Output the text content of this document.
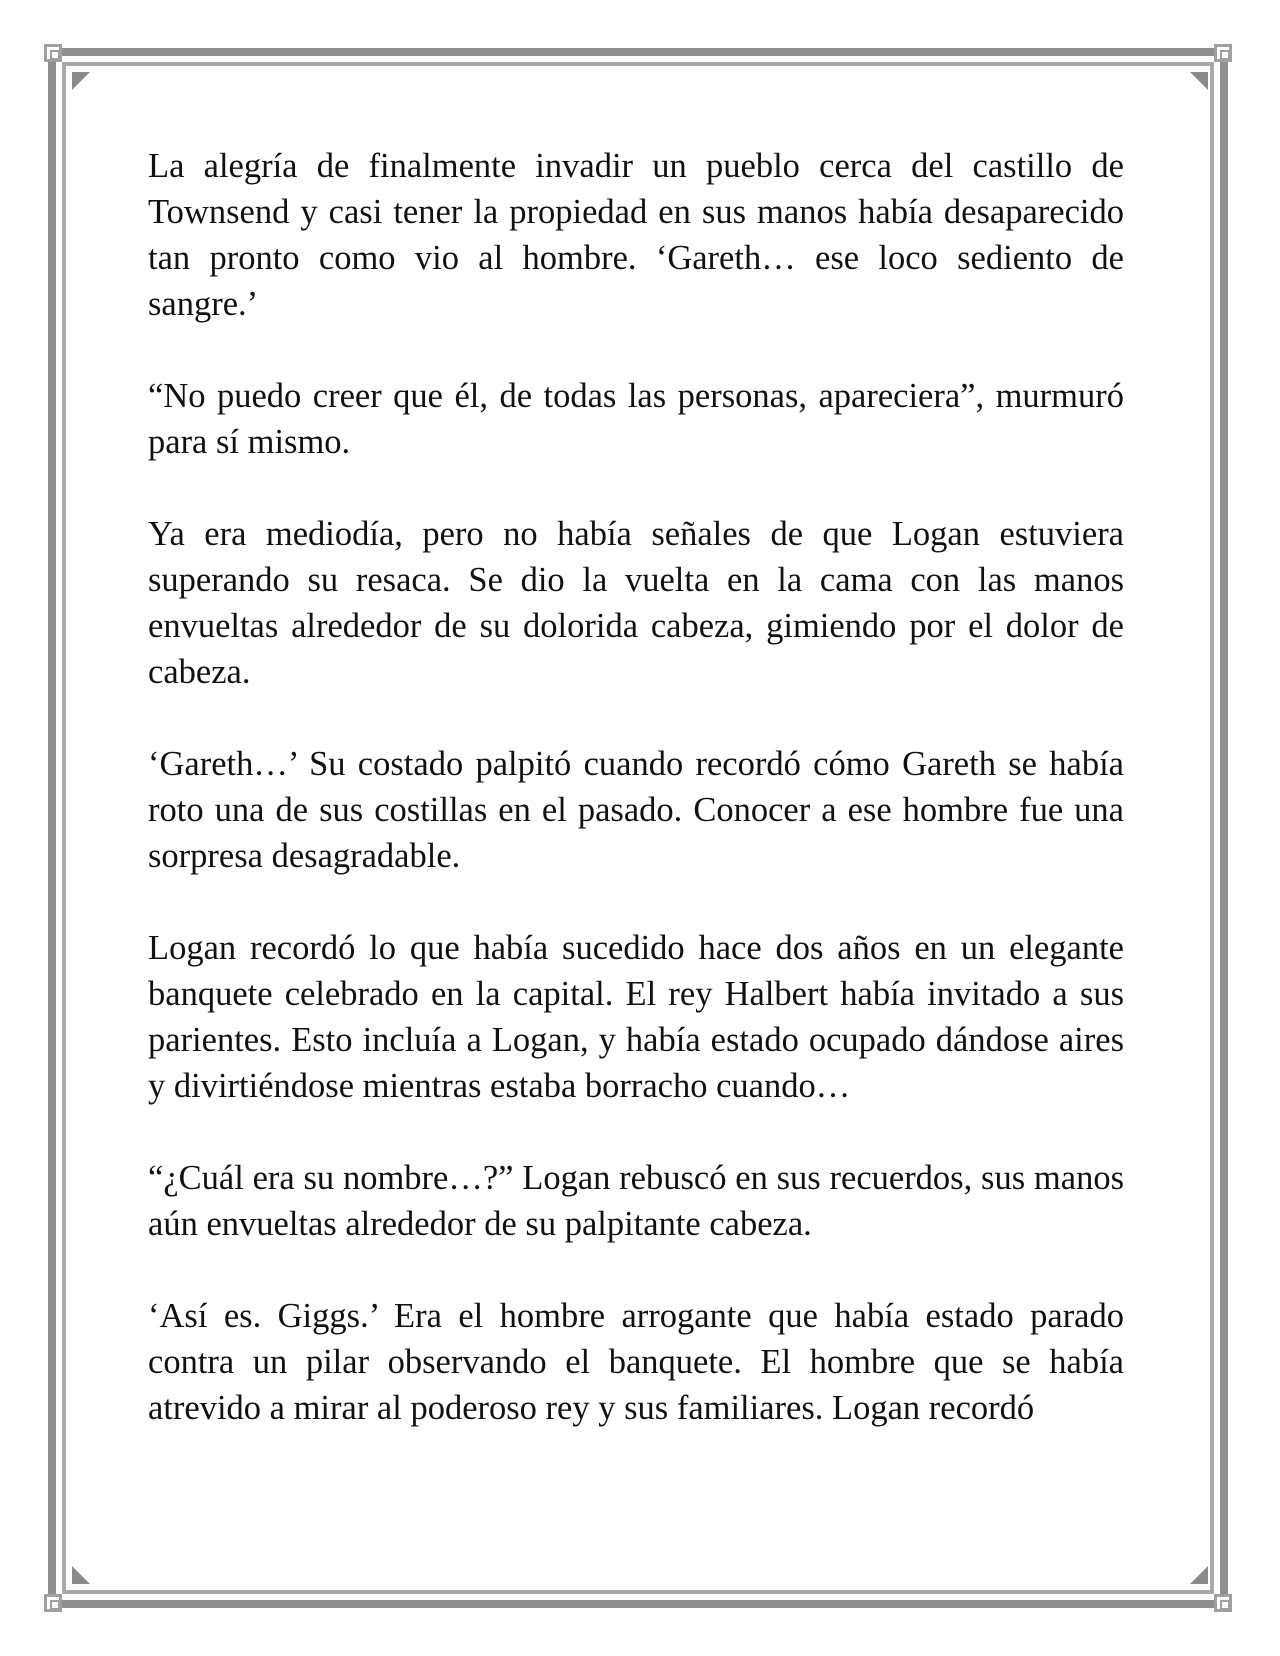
La alegría de finalmente invadir un pueblo cerca del castillo de Townsend y casi tener la propiedad en sus manos había desaparecido tan pronto como vio al hombre. ‘Gareth… ese loco sediento de sangre.’

“No puedo creer que él, de todas las personas, apareciera”, murmuró para sí mismo.

Ya era mediodía, pero no había señales de que Logan estuviera superando su resaca. Se dio la vuelta en la cama con las manos envueltas alrededor de su dolorida cabeza, gimiendo por el dolor de cabeza.

‘Gareth…’ Su costado palpitó cuando recordó cómo Gareth se había roto una de sus costillas en el pasado. Conocer a ese hombre fue una sorpresa desagradable.

Logan recordó lo que había sucedido hace dos años en un elegante banquete celebrado en la capital. El rey Halbert había invitado a sus parientes. Esto incluía a Logan, y había estado ocupado dándose aires y divirtiéndose mientras estaba borracho cuando…

“¿Cuál era su nombre…?” Logan rebuscó en sus recuerdos, sus manos aún envueltas alrededor de su palpitante cabeza.

‘Así es. Giggs.’ Era el hombre arrogante que había estado parado contra un pilar observando el banquete. El hombre que se había atrevido a mirar al poderoso rey y sus familiares. Logan recordó
